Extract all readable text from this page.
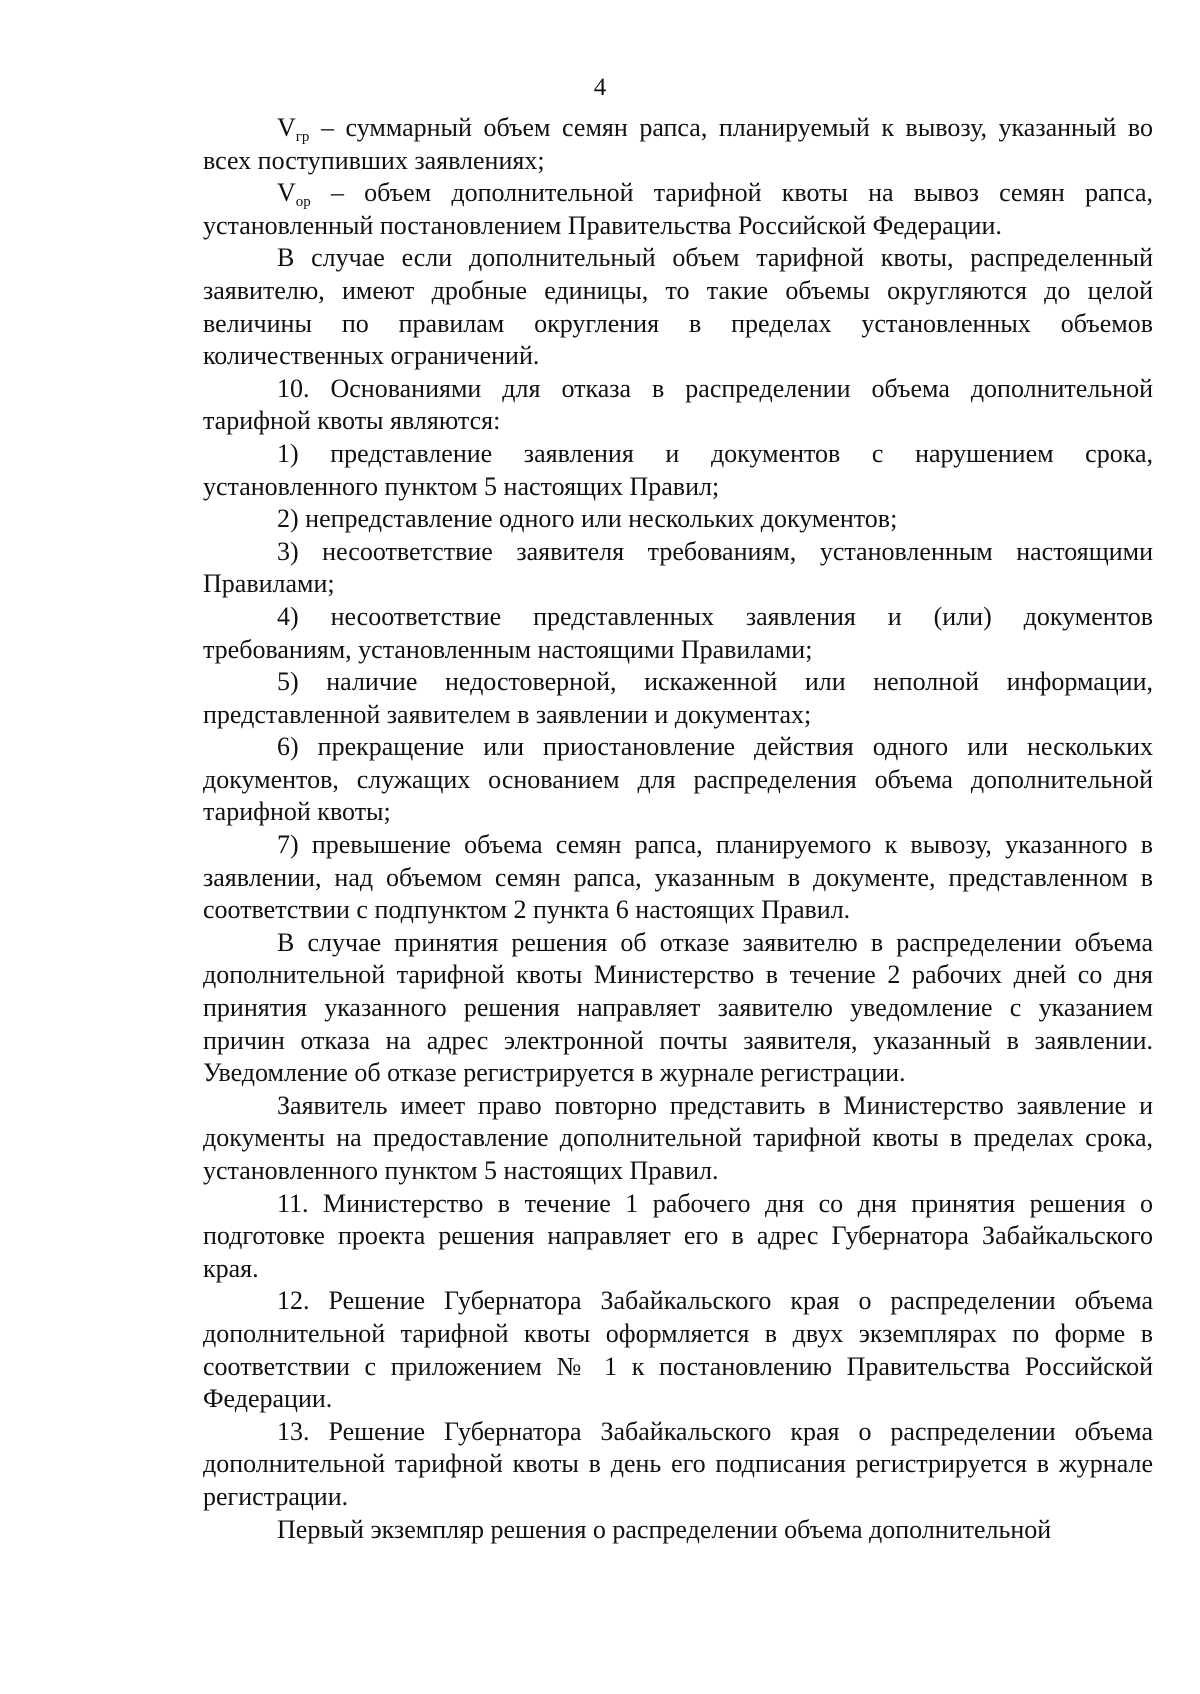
4

$V_{гр}$ – суммарный объем семян рапса, планируемый к вывозу, указанный во всех поступивших заявлениях;

$V_{ор}$ – объем дополнительной тарифной квоты на вывоз семян рапса, установленный постановлением Правительства Российской Федерации.

В случае если дополнительный объем тарифной квоты, распределенный заявителю, имеют дробные единицы, то такие объемы округляются до целой величины по правилам округления в пределах установленных объемов количественных ограничений.

10. Основаниями для отказа в распределении объема дополнительной тарифной квоты являются:

1) представление заявления и документов с нарушением срока, установленного пунктом 5 настоящих Правил;

2) непредставление одного или нескольких документов;

3) несоответствие заявителя требованиям, установленным настоящими Правилами;

4) несоответствие представленных заявления и (или) документов требованиям, установленным настоящими Правилами;

5) наличие недостоверной, искаженной или неполной информации, представленной заявителем в заявлении и документах;

6) прекращение или приостановление действия одного или нескольких документов, служащих основанием для распределения объема дополнительной тарифной квоты;

7) превышение объема семян рапса, планируемого к вывозу, указанного в заявлении, над объемом семян рапса, указанным в документе, представленном в соответствии с подпунктом 2 пункта 6 настоящих Правил.

В случае принятия решения об отказе заявителю в распределении объема дополнительной тарифной квоты Министерство в течение 2 рабочих дней со дня принятия указанного решения направляет заявителю уведомление с указанием причин отказа на адрес электронной почты заявителя, указанный в заявлении. Уведомление об отказе регистрируется в журнале регистрации.

Заявитель имеет право повторно представить в Министерство заявление и документы на предоставление дополнительной тарифной квоты в пределах срока, установленного пунктом 5 настоящих Правил.

11. Министерство в течение 1 рабочего дня со дня принятия решения о подготовке проекта решения направляет его в адрес Губернатора Забайкальского края.

12. Решение Губернатора Забайкальского края о распределении объема дополнительной тарифной квоты оформляется в двух экземплярах по форме в соответствии с приложением № 1 к постановлению Правительства Российской Федерации.

13. Решение Губернатора Забайкальского края о распределении объема дополнительной тарифной квоты в день его подписания регистрируется в журнале регистрации.

Первый экземпляр решения о распределении объема дополнительной
